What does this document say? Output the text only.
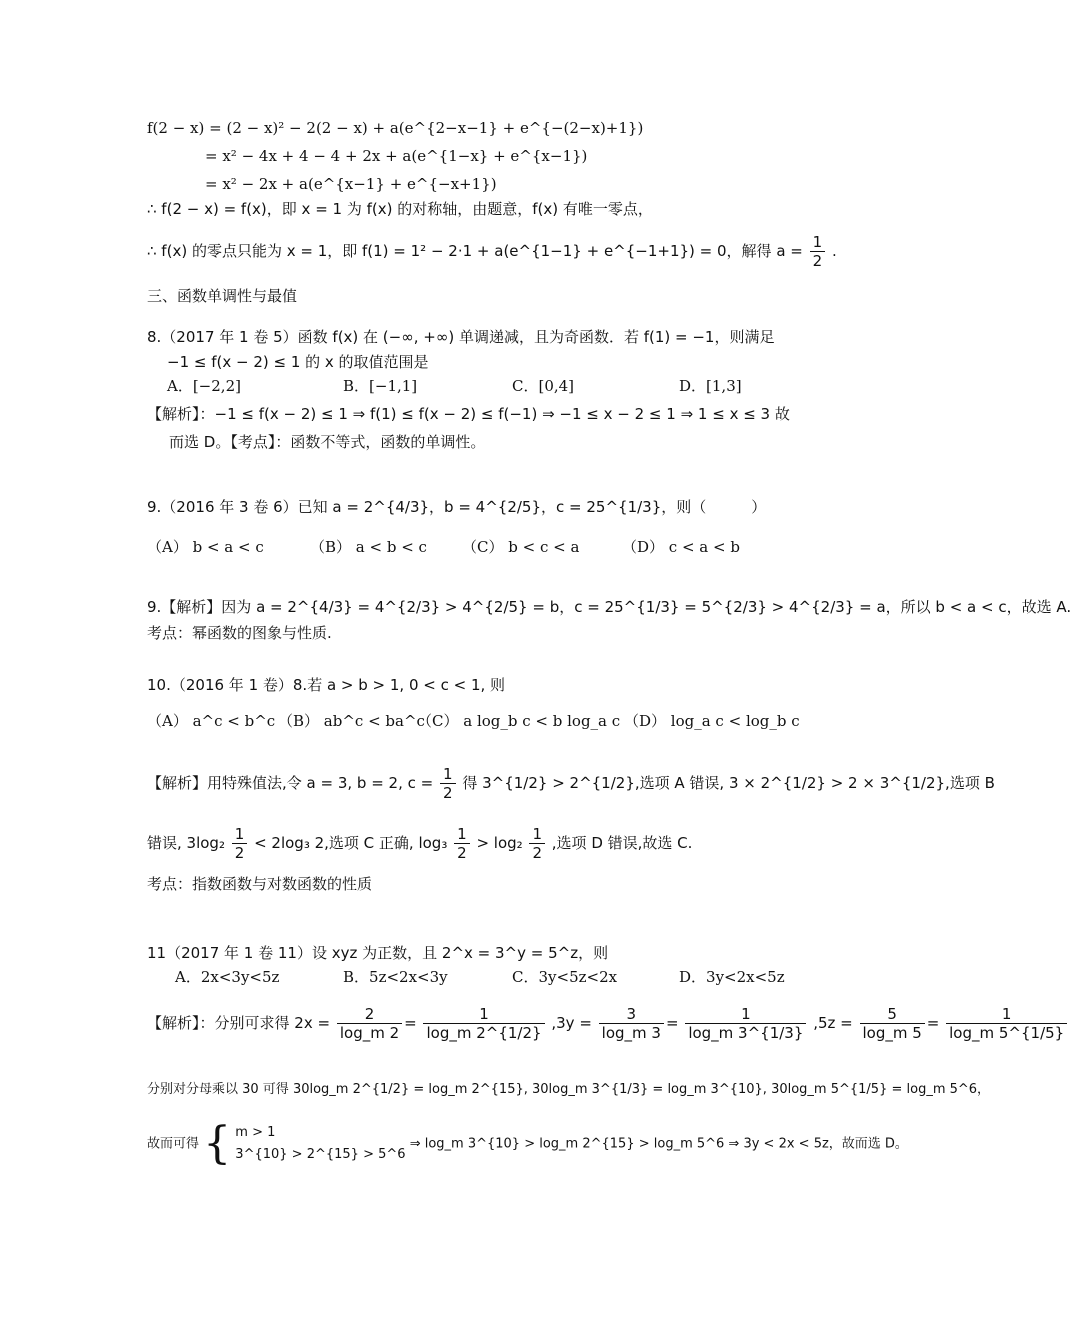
f(2 − x) = (2 − x)² − 2(2 − x) + a(e^{2−x−1} + e^{−(2−x)+1})
= x² − 4x + 4 − 4 + 2x + a(e^{1−x} + e^{x−1})
= x² − 2x + a(e^{x−1} + e^{−x+1})
∴ f(2 − x) = f(x)，即 x = 1 为 f(x) 的对称轴，由题意，f(x) 有唯一零点，
∴ f(x) 的零点只能为 x = 1，即 f(1) = 1² − 2·1 + a(e^{1−1} + e^{−1+1}) = 0，解得 $a = \frac{1}{2}$ .
三、函数单调性与最值
8.（2017 年 1 卷 5）函数 f(x) 在 (−∞, +∞) 单调递减，且为奇函数．若 f(1) = −1，则满足
−1 ≤ f(x − 2) ≤ 1 的 x 的取值范围是
A．[−2,2]	B．[−1,1]	C．[0,4]	D．[1,3]
【解析】：−1 ≤ f(x − 2) ≤ 1 ⇒ f(1) ≤ f(x − 2) ≤ f(−1) ⇒ −1 ≤ x − 2 ≤ 1 ⇒ 1 ≤ x ≤ 3 故
而选 D。【考点】：函数不等式，函数的单调性。
9.（2016 年 3 卷 6）已知 a = 2^{4/3}，b = 4^{2/5}，c = 25^{1/3}，则（　　　）
（A） b < a < c	（B） a < b < c （C） b < c < a	（D） c < a < b
9.【解析】因为 a = 2^{4/3} = 4^{2/3} > 4^{2/5} = b，c = 25^{1/3} = 5^{2/3} > 4^{2/3} = a，所以 b < a < c，故选 A.
考点：幂函数的图象与性质.
10.（2016 年 1 卷）8.若 a > b > 1, 0 < c < 1, 则
（A） a^c < b^c （B） ab^c < ba^c
（C） a log_b c < b log_a c （D） log_a c < log_b c
【解析】用特殊值法,令 a = 3, b = 2, $c = \frac{1}{2}$ 得 3^{1/2} > 2^{1/2},选项 A 错误, 3 × 2^{1/2} > 2 × 3^{1/2},选项 B
错误, $3\log_2 \frac{1}{2} < 2\log_3$ 2,选项 C 正确, $\log_3 \frac{1}{2} > \log_2 \frac{1}{2}$ ,选项 D 错误,故选 C.
考点：指数函数与对数函数的性质
11（2017 年 1 卷 11）设 xyz 为正数，且 2^x = 3^y = 5^z，则
A．2x<3y<5z	B．5z<2x<3y	C．3y<5z<2x	D．3y<2x<5z
【解析】：分别可求得 $2x = \frac{2}{\log\_m 2} = \frac{1}{\log\_m 2\^{}\{1/2\}} ,3y = \frac{3}{\log\_m 3} = \frac{1}{\log\_m 3\^{}\{1/3\}} ,5z = \frac{5}{\log\_m 5} = \frac{1}{\log\_m 5\^{}\{1/5\}}$
分别对分母乘以 30 可得 30log_m 2^{1/2} = log_m 2^{15}, 30log_m 3^{1/3} = log_m 3^{10}, 30log_m 5^{1/5} = log_m 5^6，
故而可得 { m > 1
3^{10} > 2^{15} > 5^6
⇒ log_m 3^{10} > log_m 2^{15} > log_m 5^6 ⇒ 3y < 2x < 5z，故而选 D。
